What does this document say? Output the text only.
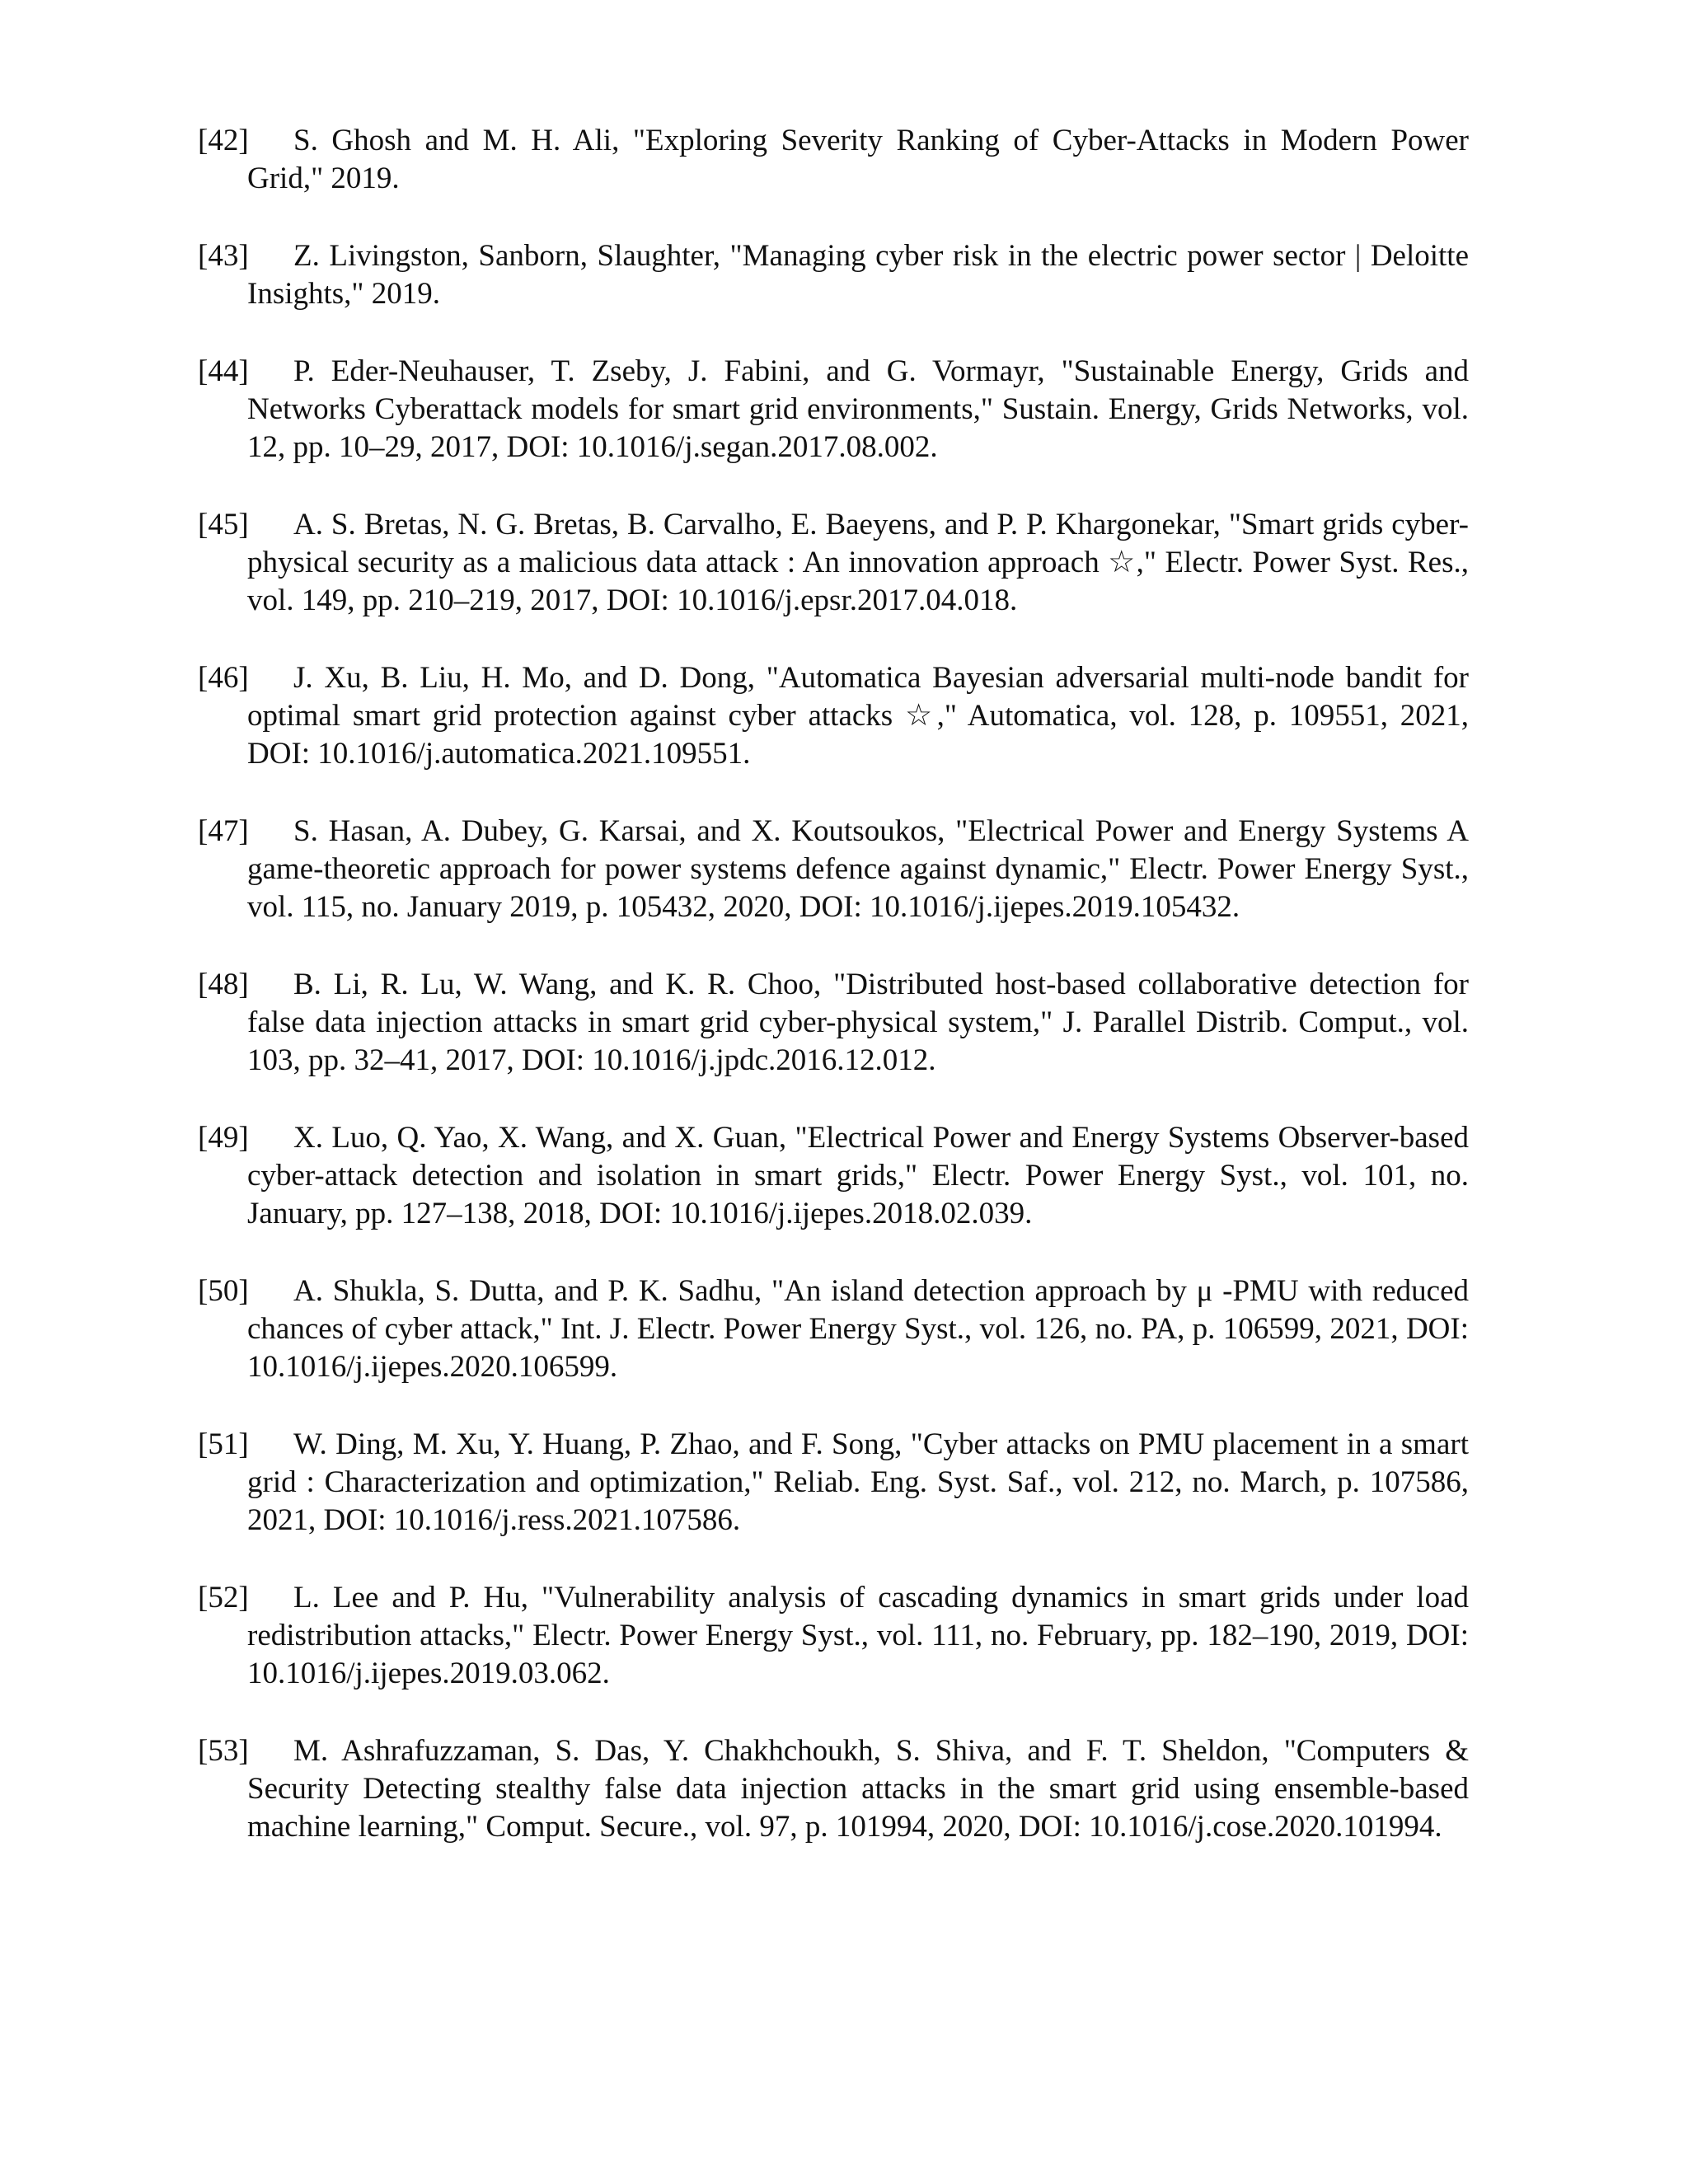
[42]	S. Ghosh and M. H. Ali, "Exploring Severity Ranking of Cyber-Attacks in Modern Power Grid," 2019.
[43]	Z. Livingston, Sanborn, Slaughter, "Managing cyber risk in the electric power sector | Deloitte Insights," 2019.
[44]	P. Eder-Neuhauser, T. Zseby, J. Fabini, and G. Vormayr, "Sustainable Energy, Grids and Networks Cyberattack models for smart grid environments," Sustain. Energy, Grids Networks, vol. 12, pp. 10–29, 2017, DOI: 10.1016/j.segan.2017.08.002.
[45]	A. S. Bretas, N. G. Bretas, B. Carvalho, E. Baeyens, and P. P. Khargonekar, "Smart grids cyber-physical security as a malicious data attack : An innovation approach ☆," Electr. Power Syst. Res., vol. 149, pp. 210–219, 2017, DOI: 10.1016/j.epsr.2017.04.018.
[46]	J. Xu, B. Liu, H. Mo, and D. Dong, "Automatica Bayesian adversarial multi-node bandit for optimal smart grid protection against cyber attacks ☆," Automatica, vol. 128, p. 109551, 2021, DOI: 10.1016/j.automatica.2021.109551.
[47]	S. Hasan, A. Dubey, G. Karsai, and X. Koutsoukos, "Electrical Power and Energy Systems A game-theoretic approach for power systems defence against dynamic," Electr. Power Energy Syst., vol. 115, no. January 2019, p. 105432, 2020, DOI: 10.1016/j.ijepes.2019.105432.
[48]	B. Li, R. Lu, W. Wang, and K. R. Choo, "Distributed host-based collaborative detection for false data injection attacks in smart grid cyber-physical system," J. Parallel Distrib. Comput., vol. 103, pp. 32–41, 2017, DOI: 10.1016/j.jpdc.2016.12.012.
[49]	X. Luo, Q. Yao, X. Wang, and X. Guan, "Electrical Power and Energy Systems Observer-based cyber-attack detection and isolation in smart grids," Electr. Power Energy Syst., vol. 101, no. January, pp. 127–138, 2018, DOI: 10.1016/j.ijepes.2018.02.039.
[50]	A. Shukla, S. Dutta, and P. K. Sadhu, "An island detection approach by μ -PMU with reduced chances of cyber attack," Int. J. Electr. Power Energy Syst., vol. 126, no. PA, p. 106599, 2021, DOI: 10.1016/j.ijepes.2020.106599.
[51]	W. Ding, M. Xu, Y. Huang, P. Zhao, and F. Song, "Cyber attacks on PMU placement in a smart grid : Characterization and optimization," Reliab. Eng. Syst. Saf., vol. 212, no. March, p. 107586, 2021, DOI: 10.1016/j.ress.2021.107586.
[52]	L. Lee and P. Hu, "Vulnerability analysis of cascading dynamics in smart grids under load redistribution attacks," Electr. Power Energy Syst., vol. 111, no. February, pp. 182–190, 2019, DOI: 10.1016/j.ijepes.2019.03.062.
[53]	M. Ashrafuzzaman, S. Das, Y. Chakhchoukh, S. Shiva, and F. T. Sheldon, "Computers & Security Detecting stealthy false data injection attacks in the smart grid using ensemble-based machine learning," Comput. Secure., vol. 97, p. 101994, 2020, DOI: 10.1016/j.cose.2020.101994.
